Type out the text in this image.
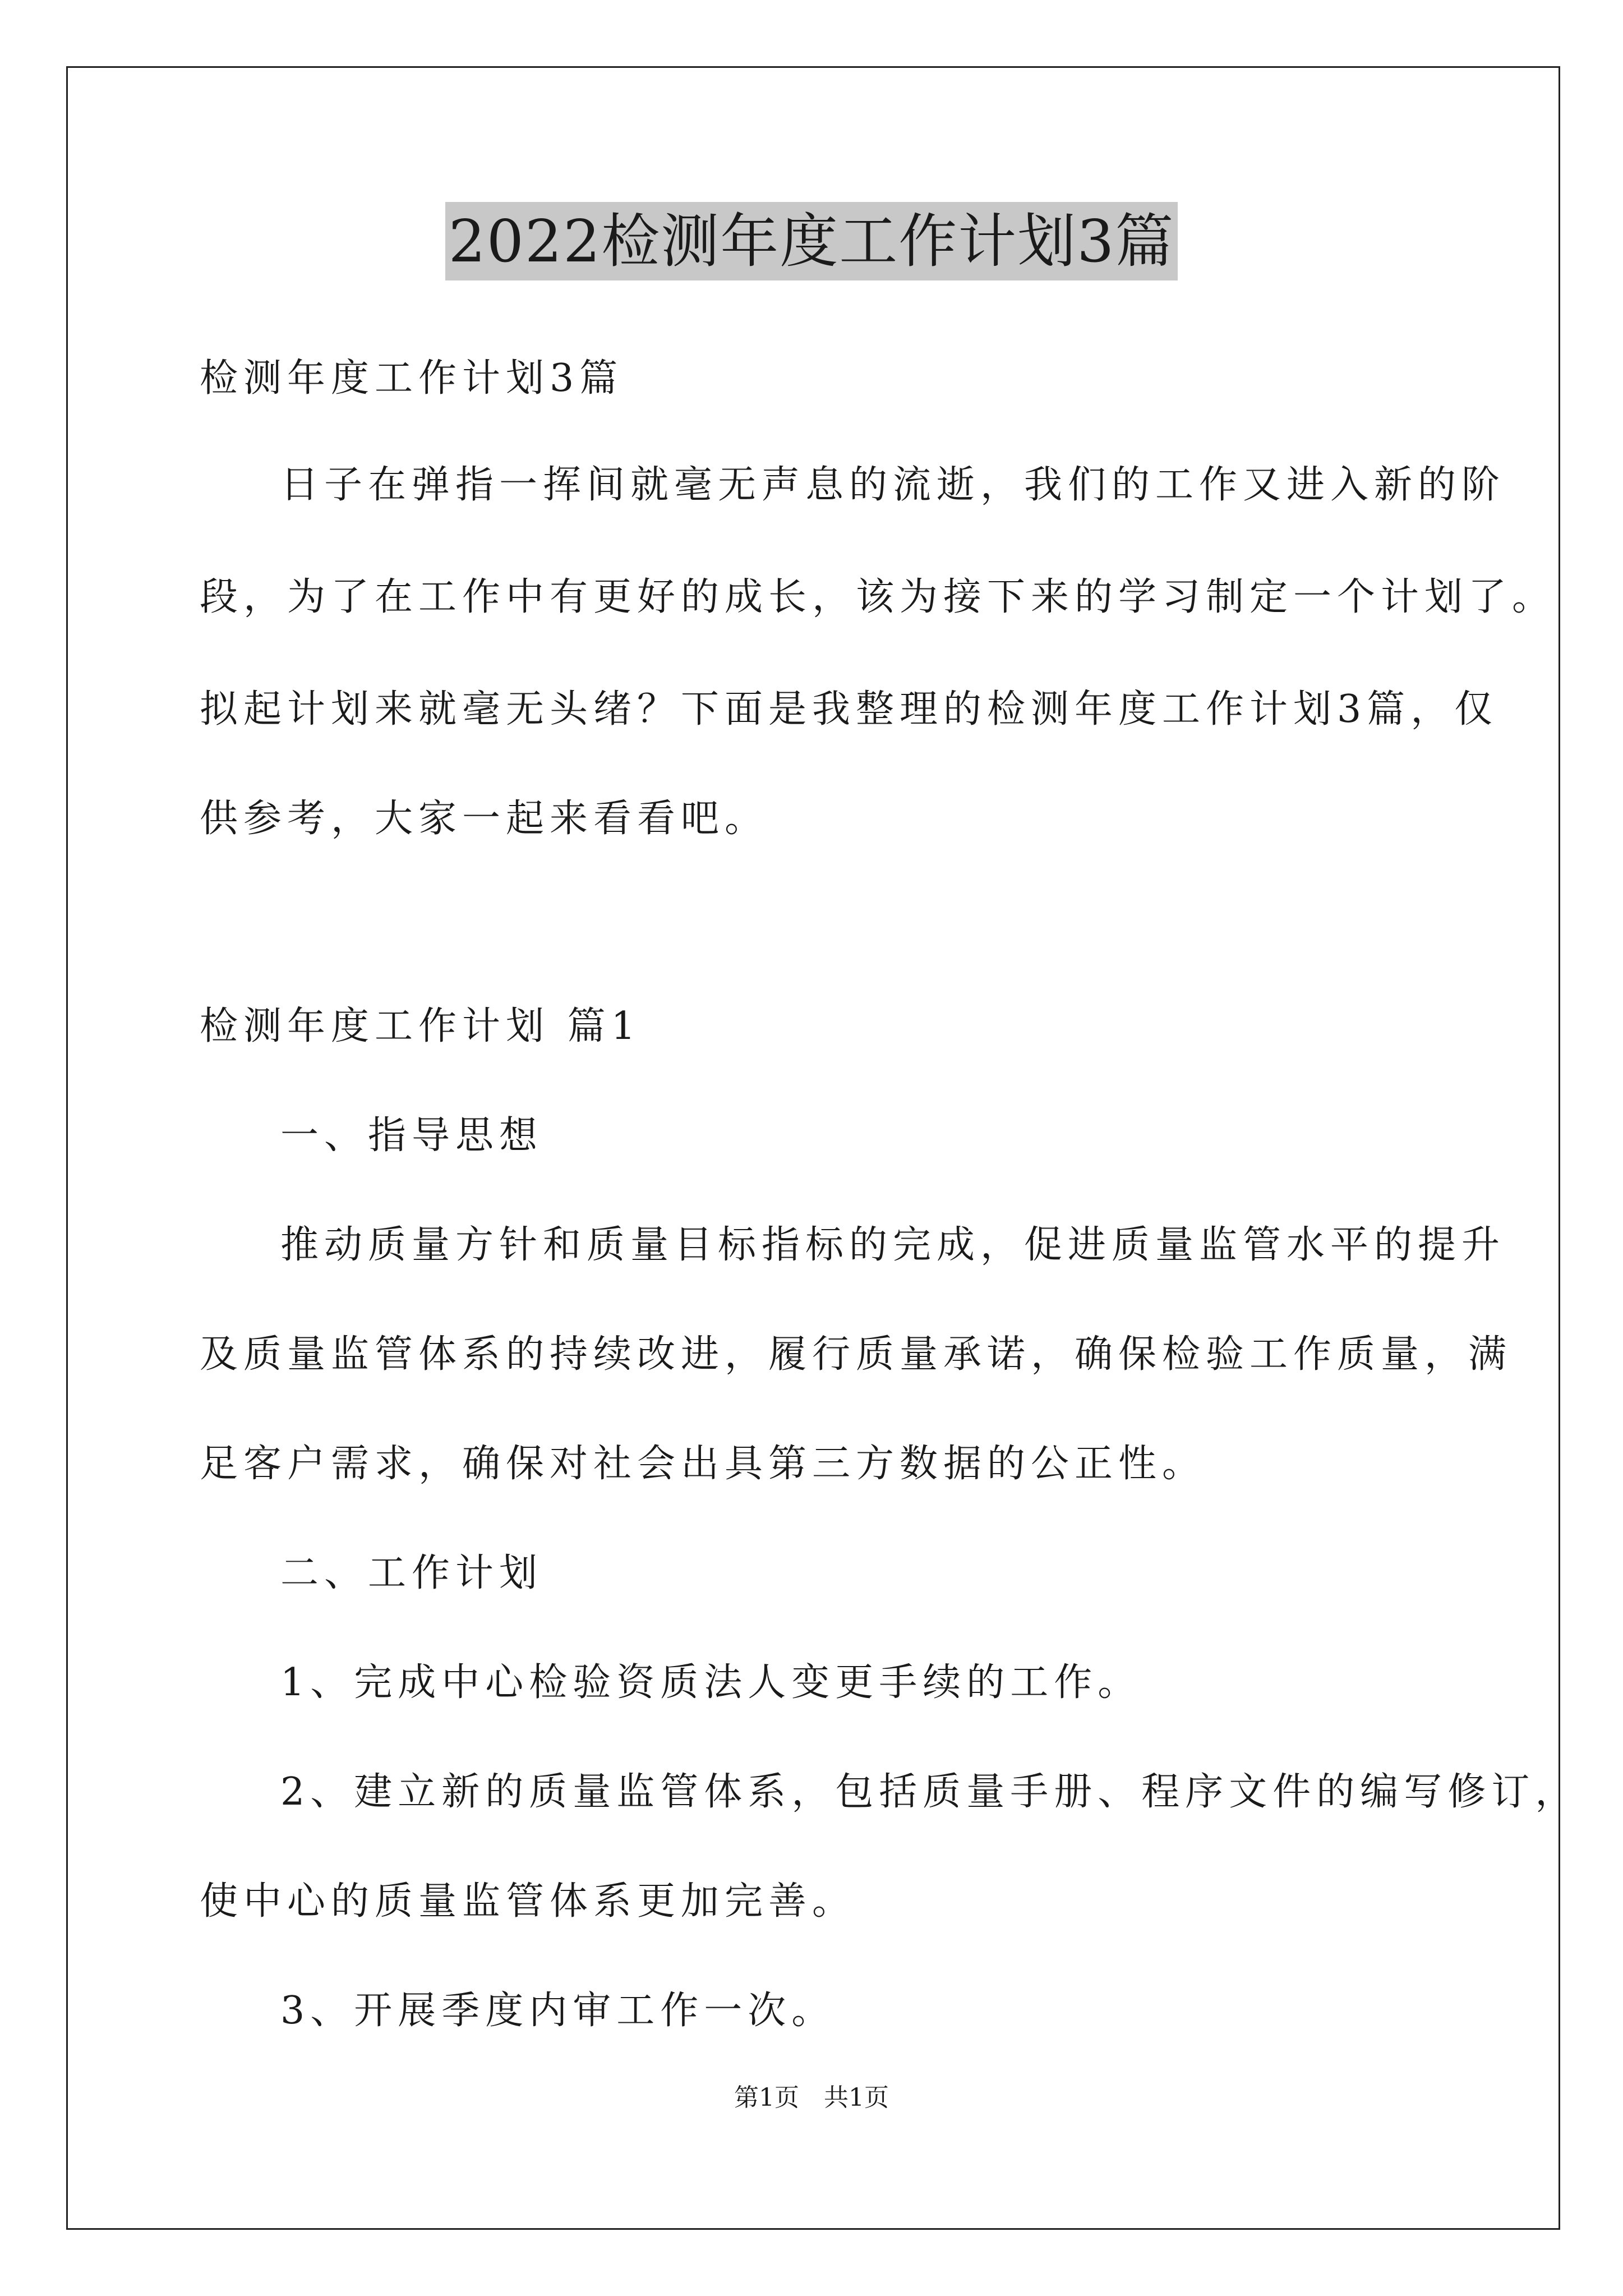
2022检测年度工作计划3篇
检测年度工作计划3篇
日子在弹指一挥间就毫无声息的流逝，我们的工作又进入新的阶
段，为了在工作中有更好的成长，该为接下来的学习制定一个计划了。
拟起计划来就毫无头绪？下面是我整理的检测年度工作计划3篇，仅
供参考，大家一起来看看吧。
检测年度工作计划 篇1
一、指导思想
推动质量方针和质量目标指标的完成，促进质量监管水平的提升
及质量监管体系的持续改进，履行质量承诺，确保检验工作质量，满
足客户需求，确保对社会出具第三方数据的公正性。
二、工作计划
1、完成中心检验资质法人变更手续的工作。
2、建立新的质量监管体系，包括质量手册、程序文件的编写修订，
使中心的质量监管体系更加完善。
3、开展季度内审工作一次。
第1页　共1页
